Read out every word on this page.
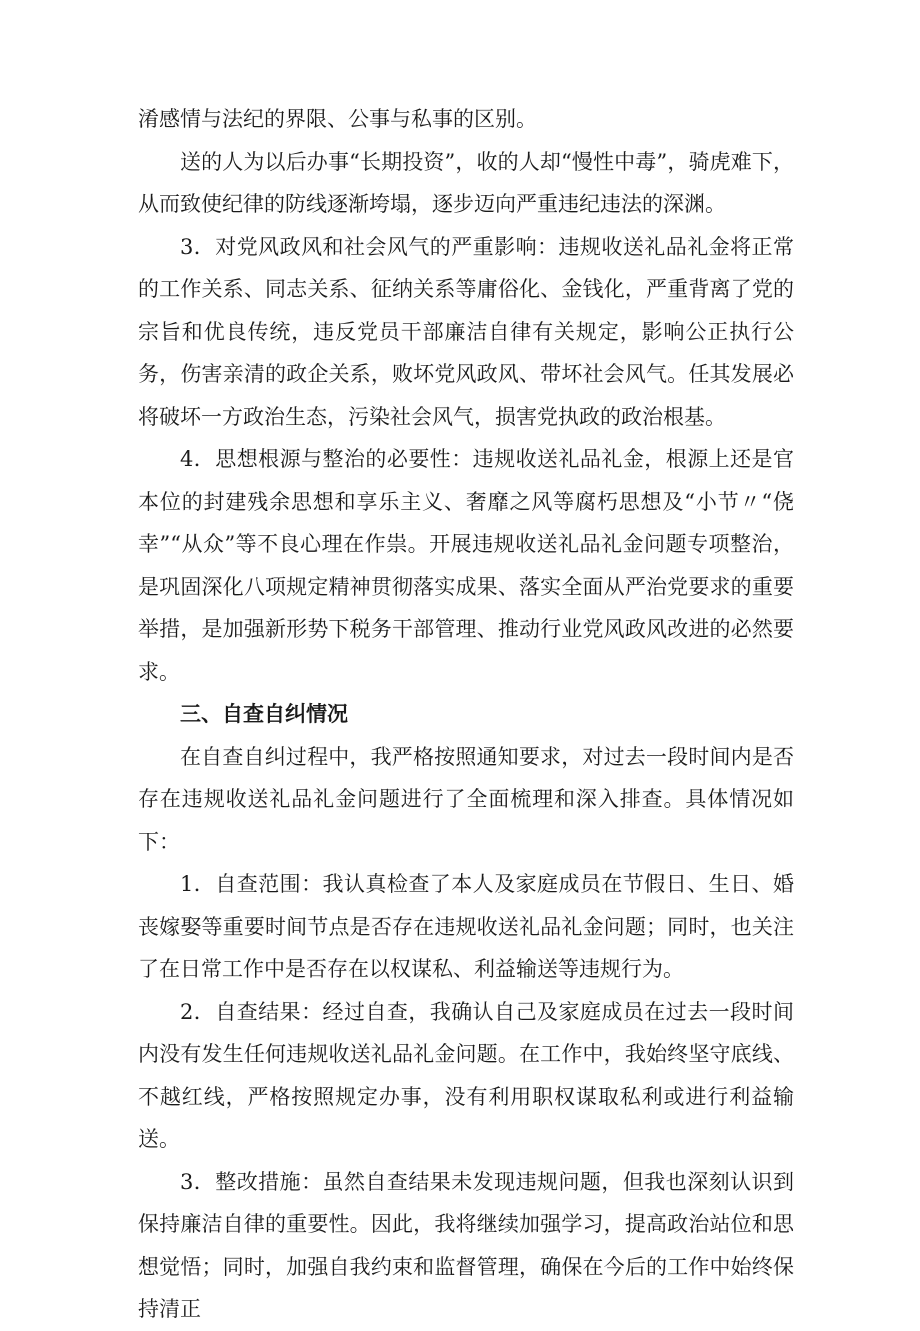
淆感情与法纪的界限、公事与私事的区别。

送的人为以后办事“长期投资”，收的人却“慢性中毒”，骑虎难下，从而致使纪律的防线逐渐垮塌，逐步迈向严重违纪违法的深渊。

3．对党风政风和社会风气的严重影响：违规收送礼品礼金将正常的工作关系、同志关系、征纳关系等庸俗化、金钱化，严重背离了党的宗旨和优良传统，违反党员干部廉洁自律有关规定，影响公正执行公务，伤害亲清的政企关系，败坏党风政风、带坏社会风气。任其发展必将破坏一方政治生态，污染社会风气，损害党执政的政治根基。

4．思想根源与整治的必要性：违规收送礼品礼金，根源上还是官本位的封建残余思想和享乐主义、奢靡之风等腐朽思想及“小节〃“侥幸”“从众”等不良心理在作祟。开展违规收送礼品礼金问题专项整治，是巩固深化八项规定精神贯彻落实成果、落实全面从严治党要求的重要举措，是加强新形势下税务干部管理、推动行业党风政风改进的必然要求。

三、自查自纠情况

在自查自纠过程中，我严格按照通知要求，对过去一段时间内是否存在违规收送礼品礼金问题进行了全面梳理和深入排查。具体情况如下：

1．自查范围：我认真检查了本人及家庭成员在节假日、生日、婚丧嫁娶等重要时间节点是否存在违规收送礼品礼金问题；同时，也关注了在日常工作中是否存在以权谋私、利益输送等违规行为。

2．自查结果：经过自查，我确认自己及家庭成员在过去一段时间内没有发生任何违规收送礼品礼金问题。在工作中，我始终坚守底线、不越红线，严格按照规定办事，没有利用职权谋取私利或进行利益输送。

3．整改措施：虽然自查结果未发现违规问题，但我也深刻认识到保持廉洁自律的重要性。因此，我将继续加强学习，提高政治站位和思想觉悟；同时，加强自我约束和监督管理，确保在今后的工作中始终保持清正
